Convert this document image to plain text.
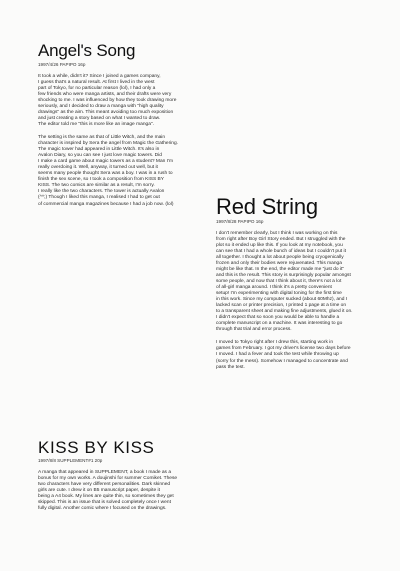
Angel's Song
1997/4/26 PAPIPO 16p

It took a while, didn't it? Since I joined a games company,
I guess that's a natural result. At first I lived in the west
part of Tokyo, for no particular reason (lol), I had only a
few friends who were manga artists, and their drafts were very
shocking to me. I was influenced by how they took drawing more
seriously, and I decided to draw a manga with "high quality
drawings" as the aim. This meant avoiding too much exposition
and just creating a story based on what I wanted to draw.
The editor told me "this is more like an image manga".

The setting is the same as that of Little Witch, and the main
character is inspired by Sera the angel from Magic the Gathering.
The magic tower had appeared in Little Witch. It's also in
Avalon Diary, so you can see I just love magic towers. Did
I make a card game about magic towers as a student? Man I'm
really overdoing it. Well, anyway, it turned out well, but it
seems many people thought Sera was a boy. I was in a rush to
finish the sex scene, so I took a composition from KISS BY
KISS. The two comics are similar as a result, I'm sorry.
I really like the two characters. The tower is actually Avalon
(^^;) Though I liked this manga, I realised I had to get out
of commercial manga magazines because I had a job now. (lol)	Red String
1997/8/28 PAPIPO 16p

I don't remember clearly, but I think I was working on this
from right after Boy Girl Story ended. But I struggled with the
plot so it ended up like this. If you look at my notebook, you
can see that I had a whole bunch of ideas but I couldn't put it
all together. I thought a lot about people being cryogenically
frozen and only their bodies were rejuvenated. This manga
might be like that. In the end, the editor made me "just do it"
and this is the result. This story is surprisingly popular amongst
some people, and now that I think about it, there's not a lot
of all-girl manga around. I think it's a pretty convenient
setup! I'm experimenting with digital toning for the first time
in this work. Since my computer sucked (about 60Mhz), and I
lacked scan or printer precision, I printed 1 page at a time on
to a transparent sheet and making fine adjustments, glued it on.
I didn't expect that so soon you would be able to handle a
complete manuscript on a machine. It was interesting to go
through that trial and error process.

I moved to Tokyo right after I drew this, starting work in
games from February. I got my driver's license two days before
I moved. I had a fever and took the test while throwing up
(sorry for the mess). Somehow I managed to concentrate and
pass the test.

KISS BY KISS
1997/8/8 SUPPLEMENT#1 20p

A manga that appeared in SUPPLEMENT, a book I made as a
bonus for my own works. A doujinshi for summer Comiket. These
two characters have very different personalities. Dark skinned
girls are cute. I drew it on B5 manuscript paper, despite it
being a A4 book. My lines are quite thin, so sometimes they get
skipped. This is an issue that is solved completely once I went
fully digital. Another comic where I focused on the drawings.
